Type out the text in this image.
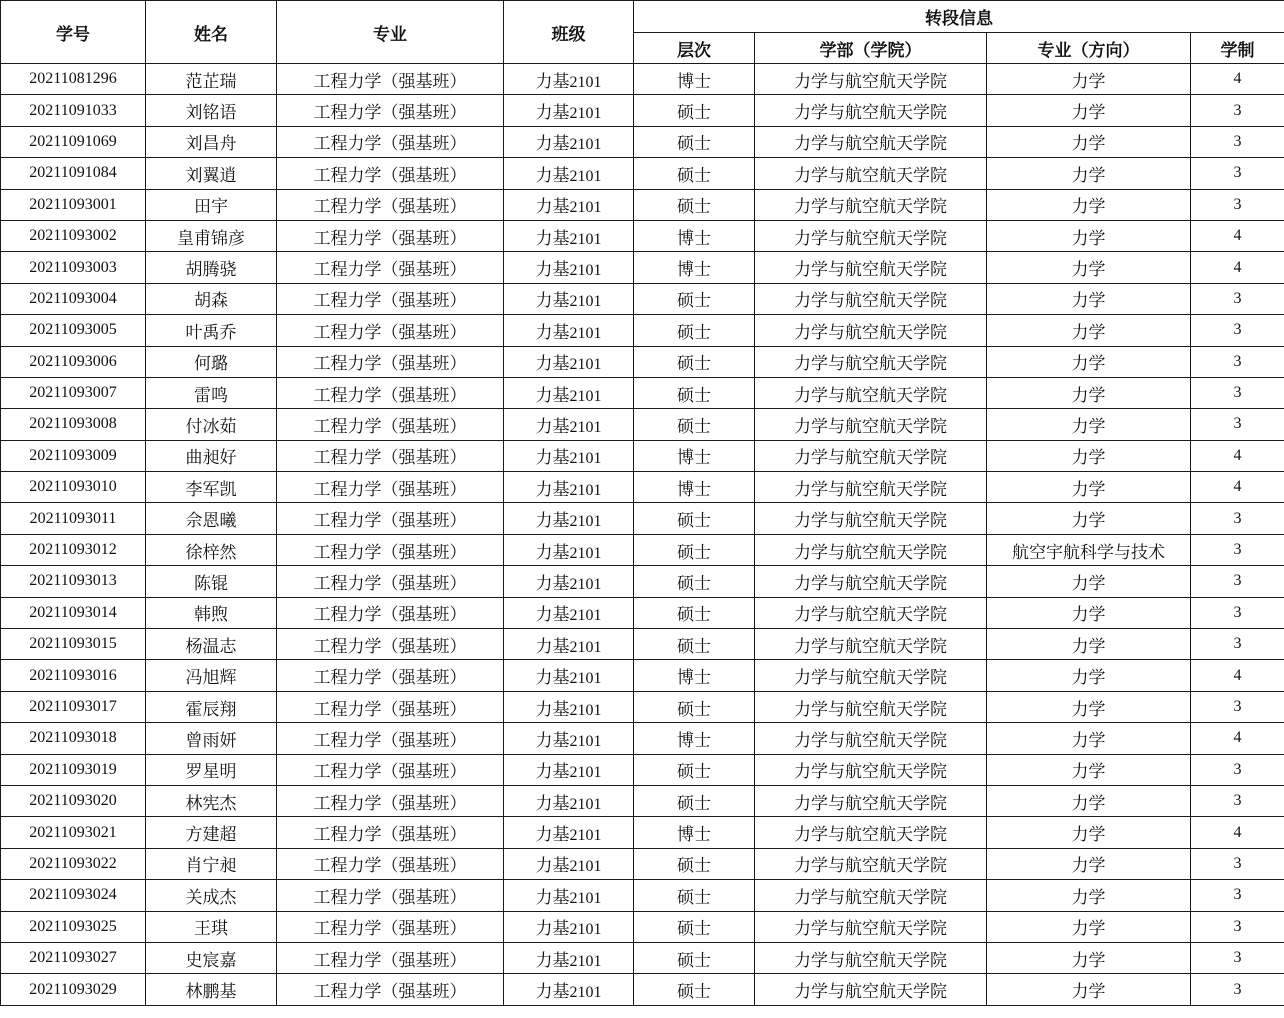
学号	姓名	专业	班级	转段信息			
				层次	学部（学院）	专业（方向）	学制
20211081296	范芷瑞	工程力学（强基班）	力基2101	博士	力学与航空航天学院	力学	4
20211091033	刘铭语	工程力学（强基班）	力基2101	硕士	力学与航空航天学院	力学	3
20211091069	刘昌舟	工程力学（强基班）	力基2101	硕士	力学与航空航天学院	力学	3
20211091084	刘翼逍	工程力学（强基班）	力基2101	硕士	力学与航空航天学院	力学	3
20211093001	田宇	工程力学（强基班）	力基2101	硕士	力学与航空航天学院	力学	3
20211093002	皇甫锦彦	工程力学（强基班）	力基2101	博士	力学与航空航天学院	力学	4
20211093003	胡腾骁	工程力学（强基班）	力基2101	博士	力学与航空航天学院	力学	4
20211093004	胡森	工程力学（强基班）	力基2101	硕士	力学与航空航天学院	力学	3
20211093005	叶禹乔	工程力学（强基班）	力基2101	硕士	力学与航空航天学院	力学	3
20211093006	何璐	工程力学（强基班）	力基2101	硕士	力学与航空航天学院	力学	3
20211093007	雷鸣	工程力学（强基班）	力基2101	硕士	力学与航空航天学院	力学	3
20211093008	付冰茹	工程力学（强基班）	力基2101	硕士	力学与航空航天学院	力学	3
20211093009	曲昶好	工程力学（强基班）	力基2101	博士	力学与航空航天学院	力学	4
20211093010	李军凯	工程力学（强基班）	力基2101	博士	力学与航空航天学院	力学	4
20211093011	佘恩曦	工程力学（强基班）	力基2101	硕士	力学与航空航天学院	力学	3
20211093012	徐梓然	工程力学（强基班）	力基2101	硕士	力学与航空航天学院	航空宇航科学与技术	3
20211093013	陈锟	工程力学（强基班）	力基2101	硕士	力学与航空航天学院	力学	3
20211093014	韩煦	工程力学（强基班）	力基2101	硕士	力学与航空航天学院	力学	3
20211093015	杨温志	工程力学（强基班）	力基2101	硕士	力学与航空航天学院	力学	3
20211093016	冯旭辉	工程力学（强基班）	力基2101	博士	力学与航空航天学院	力学	4
20211093017	霍辰翔	工程力学（强基班）	力基2101	硕士	力学与航空航天学院	力学	3
20211093018	曾雨妍	工程力学（强基班）	力基2101	博士	力学与航空航天学院	力学	4
20211093019	罗星明	工程力学（强基班）	力基2101	硕士	力学与航空航天学院	力学	3
20211093020	林宪杰	工程力学（强基班）	力基2101	硕士	力学与航空航天学院	力学	3
20211093021	方建超	工程力学（强基班）	力基2101	博士	力学与航空航天学院	力学	4
20211093022	肖宁昶	工程力学（强基班）	力基2101	硕士	力学与航空航天学院	力学	3
20211093024	关成杰	工程力学（强基班）	力基2101	硕士	力学与航空航天学院	力学	3
20211093025	王琪	工程力学（强基班）	力基2101	硕士	力学与航空航天学院	力学	3
20211093027	史宸嘉	工程力学（强基班）	力基2101	硕士	力学与航空航天学院	力学	3
20211093029	林鹏基	工程力学（强基班）	力基2101	硕士	力学与航空航天学院	力学	3
